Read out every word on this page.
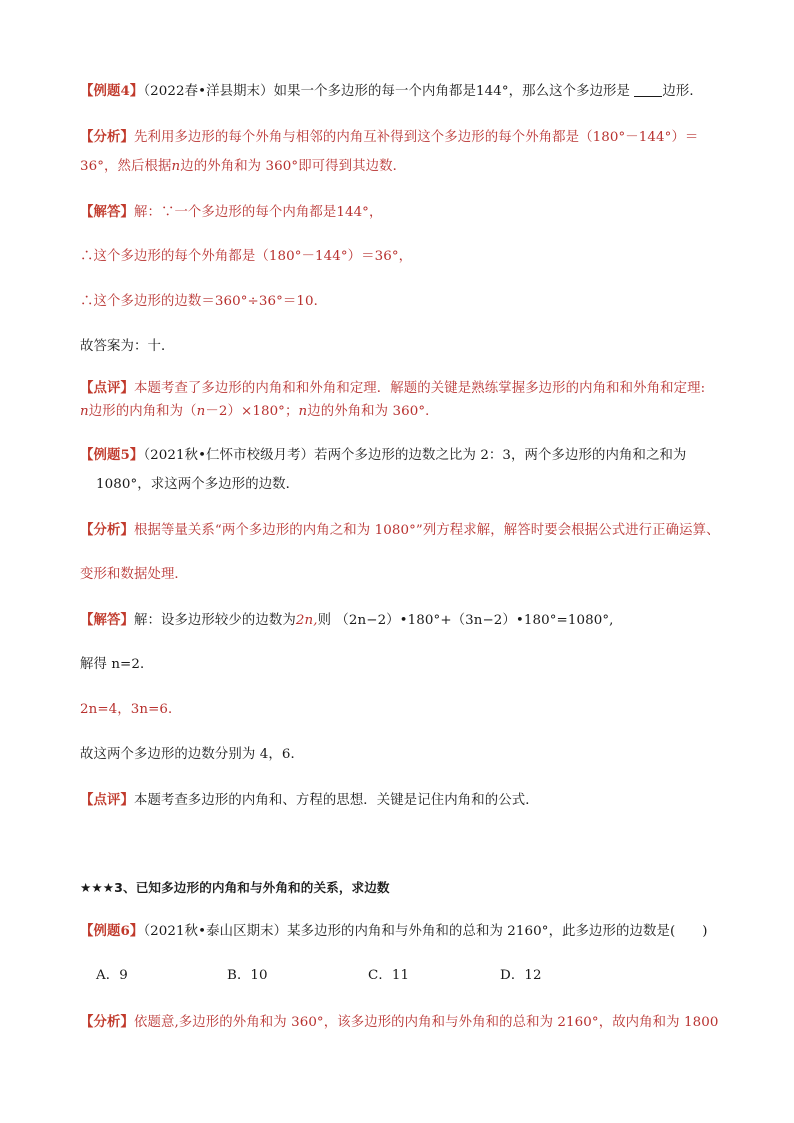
【例题4】（2022春•洋县期末）如果一个多边形的每一个内角都是144°，那么这个多边形是 边形．
【分析】先利用多边形的每个外角与相邻的内角互补得到这个多边形的每个外角都是（180°－144°）＝
36°，然后根据n边的外角和为 360°即可得到其边数．
【解答】解：∵一个多边形的每个内角都是144°，
∴这个多边形的每个外角都是（180°－144°）＝36°，
∴这个多边形的边数＝360°÷36°＝10．
故答案为：十．
【点评】本题考查了多边形的内角和和外角和定理．解题的关键是熟练掌握多边形的内角和和外角和定理:
n边形的内角和为（n－2）×180°；n边的外角和为 360°．
【例题5】（2021秋•仁怀市校级月考）若两个多边形的边数之比为 2：3，两个多边形的内角和之和为
1080°，求这两个多边形的边数．
【分析】根据等量关系“两个多边形的内角之和为 1080°”列方程求解，解答时要会根据公式进行正确运算、
变形和数据处理．
【解答】解：设多边形较少的边数为2n,则 （2n−2）•180°+（3n−2）•180°=1080°,
解得 n=2．
2n=4，3n=6．
故这两个多边形的边数分别为 4，6．
【点评】本题考查多边形的内角和、方程的思想．关键是记住内角和的公式．
★★★3、已知多边形的内角和与外角和的关系，求边数
【例题6】（2021秋•泰山区期末）某多边形的内角和与外角和的总和为 2160°，此多边形的边数是(　　)
A．9	B．10	C．11	D．12
【分析】依题意,多边形的外角和为 360°，该多边形的内角和与外角和的总和为 2160°，故内角和为 1800
